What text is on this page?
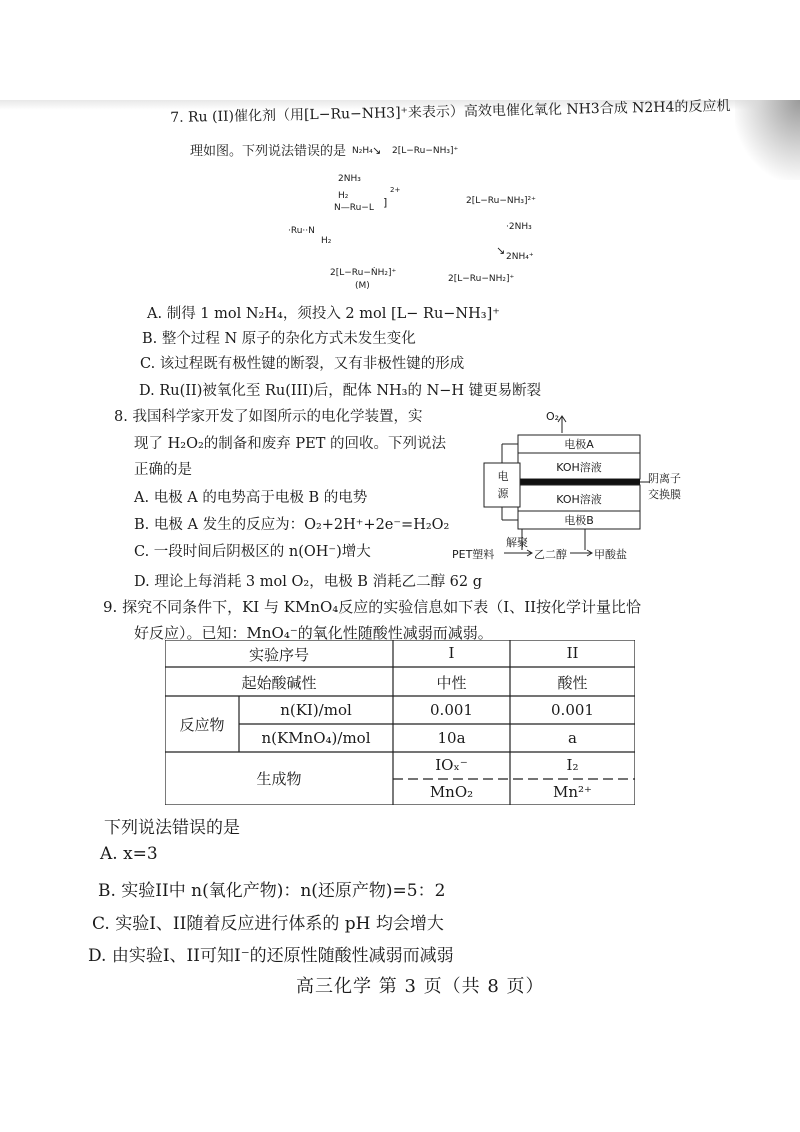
7. Ru (II)催化剂（用[L−Ru−NH3]⁺来表示）高效电催化氧化 NH3合成 N2H4的反应机
理如图。下列说法错误的是 N₂H₄ ↘ 2[L−Ru−NH₃]⁺
2NH₃
H₂
N—Ru−L ]
2+
·Ru··N
H₂
2[L−Ru−NH₃]²⁺
·2NH₃
↘ 2NH₄⁺
2[L−Ru−ṄH₂]⁺
(M)
2[L−Ru−NH₂]⁺
A. 制得 1 mol N₂H₄，须投入 2 mol [L− Ru−NH₃]⁺
B. 整个过程 N 原子的杂化方式未发生变化
C. 该过程既有极性键的断裂，又有非极性键的形成
D. Ru(II)被氧化至 Ru(III)后，配体 NH₃的 N−H 键更易断裂
8. 我国科学家开发了如图所示的电化学装置，实
现了 H₂O₂的制备和废弃 PET 的回收。下列说法
正确的是
A. 电极 A 的电势高于电极 B 的电势
B. 电极 A 发生的反应为：O₂+2H⁺+2e⁻=H₂O₂
C. 一段时间后阴极区的 n(OH⁻)增大
D. 理论上每消耗 3 mol O₂，电极 B 消耗乙二醇 62 g
O₂
电极A
KOH溶液
KOH溶液
电极B
电
源
阴离子
交换膜
PET塑料
解聚
乙二醇 甲酸盐
9. 探究不同条件下，KI 与 KMnO₄反应的实验信息如下表（I、II按化学计量比恰
好反应）。已知：MnO₄⁻的氧化性随酸性减弱而减弱。
实验序号	I	II
起始酸碱性	中性	酸性
反应物
n(KI)/mol	0.001	0.001
n(KMnO₄)/mol	10a	a
生成物
IOₓ⁻	I₂
MnO₂	Mn²⁺
下列说法错误的是
A. x=3
B. 实验II中 n(氧化产物)：n(还原产物)=5：2
C. 实验I、II随着反应进行体系的 pH 均会增大
D. 由实验I、II可知I⁻的还原性随酸性减弱而减弱
高三化学 第 3 页（共 8 页）
